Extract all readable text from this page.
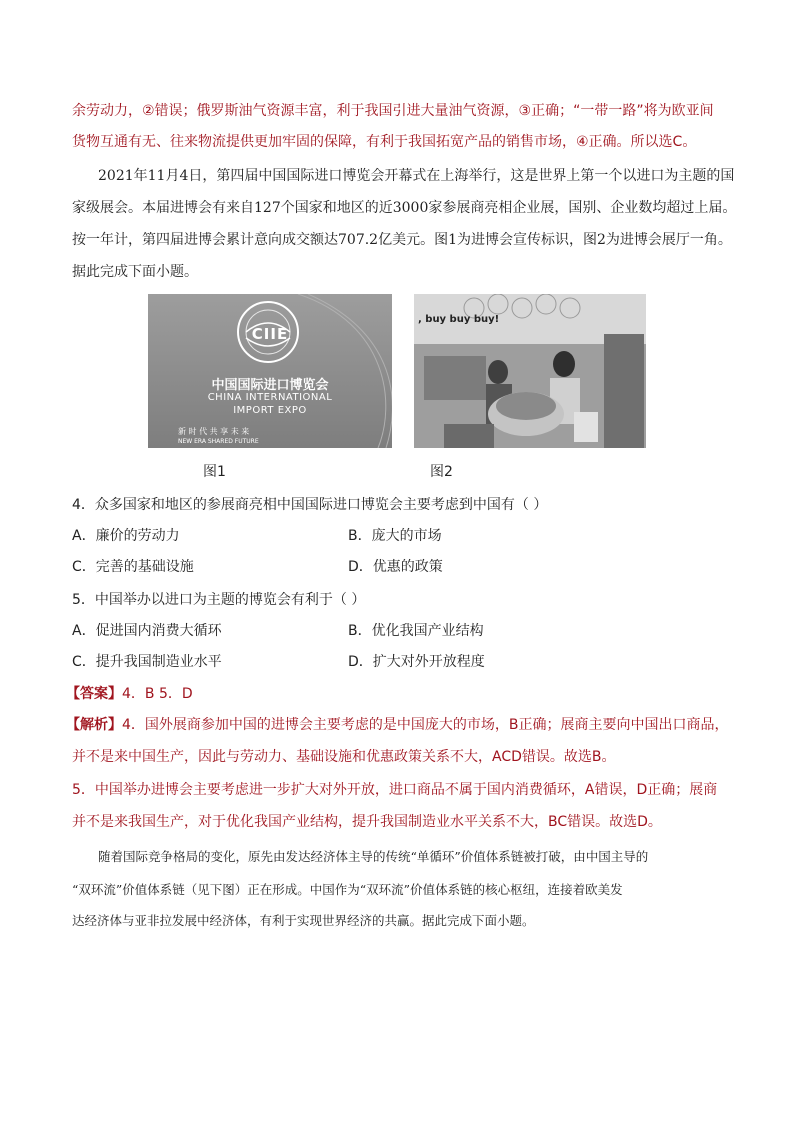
余劳动力，②错误；俄罗斯油气资源丰富，利于我国引进大量油气资源，③正确；“一带一路”将为欧亚间
货物互通有无、往来物流提供更加牢固的保障，有利于我国拓宽产品的销售市场，④正确。所以选C。
2021年11月4日，第四届中国国际进口博览会开幕式在上海举行，这是世界上第一个以进口为主题的国
家级展会。本届进博会有来自127个国家和地区的近3000家参展商亮相企业展，国别、企业数均超过上届。
按一年计，第四届进博会累计意向成交额达707.2亿美元。图1为进博会宣传标识，图2为进博会展厅一角。
据此完成下面小题。
CIIE
中国国际进口博览会
CHINA INTERNATIONAL
IMPORT EXPO
新 时 代 共 享 未 来
NEW ERA SHARED FUTURE
图1
, buy buy buy!
图2
4．众多国家和地区的参展商亮相中国国际进口博览会主要考虑到中国有（ ）
A．廉价的劳动力	B．庞大的市场
C．完善的基础设施	D．优惠的政策
5．中国举办以进口为主题的博览会有利于（ ）
A．促进国内消费大循环	B．优化我国产业结构
C．提升我国制造业水平	D．扩大对外开放程度
【答案】4．B 5．D
【解析】4．国外展商参加中国的进博会主要考虑的是中国庞大的市场，B正确；展商主要向中国出口商品，
并不是来中国生产，因此与劳动力、基础设施和优惠政策关系不大，ACD错误。故选B。
5．中国举办进博会主要考虑进一步扩大对外开放，进口商品不属于国内消费循环，A错误，D正确；展商
并不是来我国生产，对于优化我国产业结构，提升我国制造业水平关系不大，BC错误。故选D。
随着国际竞争格局的变化，原先由发达经济体主导的传统“单循环”价值体系链被打破，由中国主导的
“双环流”价值体系链（见下图）正在形成。中国作为“双环流”价值体系链的核心枢纽，连接着欧美发
达经济体与亚非拉发展中经济体，有利于实现世界经济的共赢。据此完成下面小题。
